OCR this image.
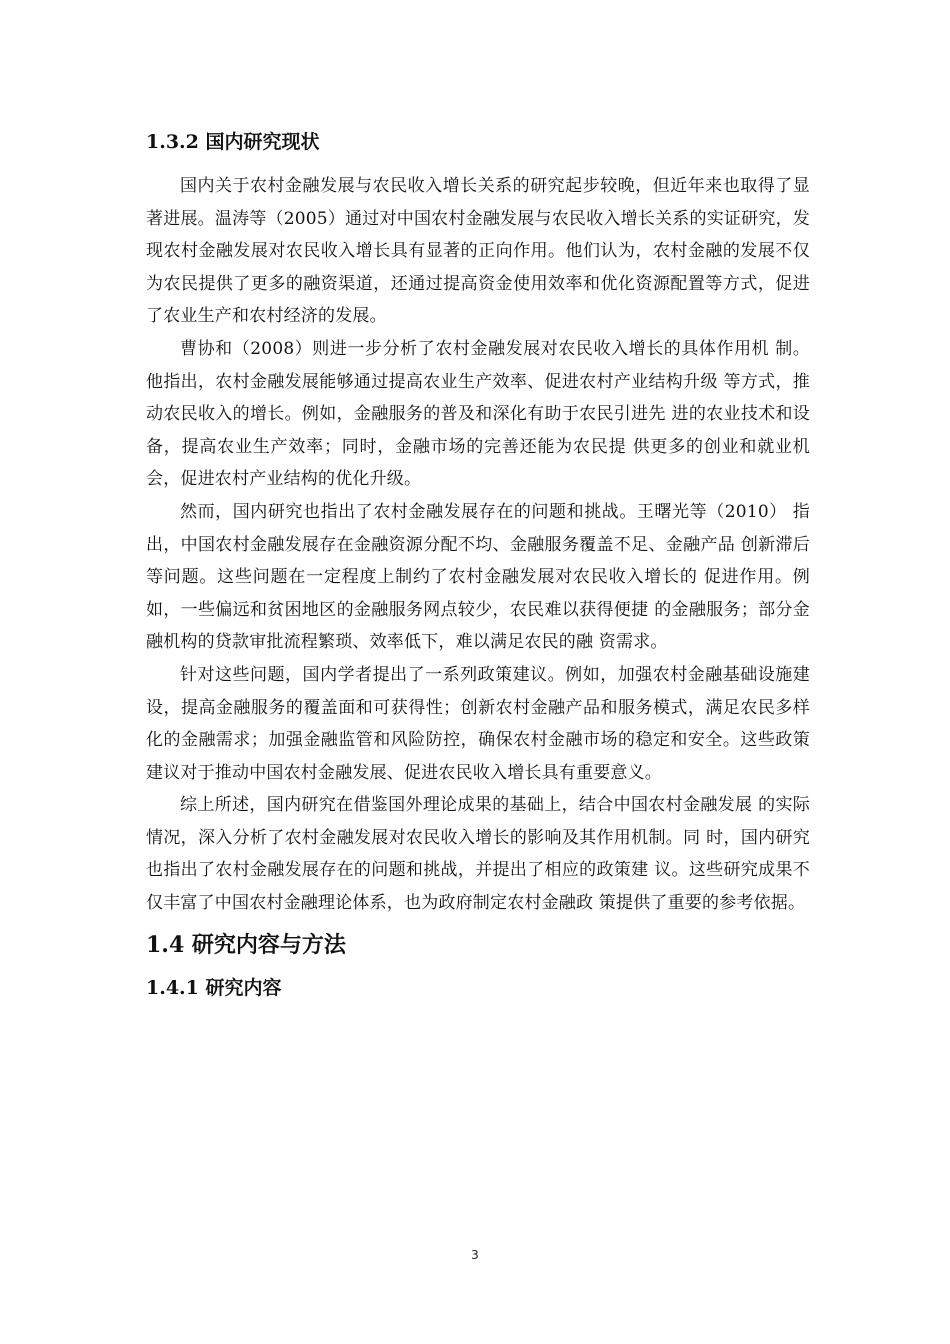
1.3.2 国内研究现状

国内关于农村金融发展与农民收入增长关系的研究起步较晚，但近年来也取得了显著进展。温涛等（2005）通过对中国农村金融发展与农民收入增长关系的实证研究，发现农村金融发展对农民收入增长具有显著的正向作用。他们认为，农村金融的发展不仅为农民提供了更多的融资渠道，还通过提高资金使用效率和优化资源配置等方式，促进了农业生产和农村经济的发展。

曹协和（2008）则进一步分析了农村金融发展对农民收入增长的具体作用机 制。他指出，农村金融发展能够通过提高农业生产效率、促进农村产业结构升级 等方式，推动农民收入的增长。例如，金融服务的普及和深化有助于农民引进先 进的农业技术和设备，提高农业生产效率；同时，金融市场的完善还能为农民提 供更多的创业和就业机会，促进农村产业结构的优化升级。

然而，国内研究也指出了农村金融发展存在的问题和挑战。王曙光等（2010） 指出，中国农村金融发展存在金融资源分配不均、金融服务覆盖不足、金融产品 创新滞后等问题。这些问题在一定程度上制约了农村金融发展对农民收入增长的 促进作用。例如，一些偏远和贫困地区的金融服务网点较少，农民难以获得便捷 的金融服务；部分金融机构的贷款审批流程繁琐、效率低下，难以满足农民的融 资需求。

针对这些问题，国内学者提出了一系列政策建议。例如，加强农村金融基础设施建设，提高金融服务的覆盖面和可获得性；创新农村金融产品和服务模式，满足农民多样化的金融需求；加强金融监管和风险防控，确保农村金融市场的稳定和安全。这些政策建议对于推动中国农村金融发展、促进农民收入增长具有重要意义。

综上所述，国内研究在借鉴国外理论成果的基础上，结合中国农村金融发展 的实际情况，深入分析了农村金融发展对农民收入增长的影响及其作用机制。同 时，国内研究也指出了农村金融发展存在的问题和挑战，并提出了相应的政策建 议。这些研究成果不仅丰富了中国农村金融理论体系，也为政府制定农村金融政 策提供了重要的参考依据。

1.4 研究内容与方法
1.4.1 研究内容
3
